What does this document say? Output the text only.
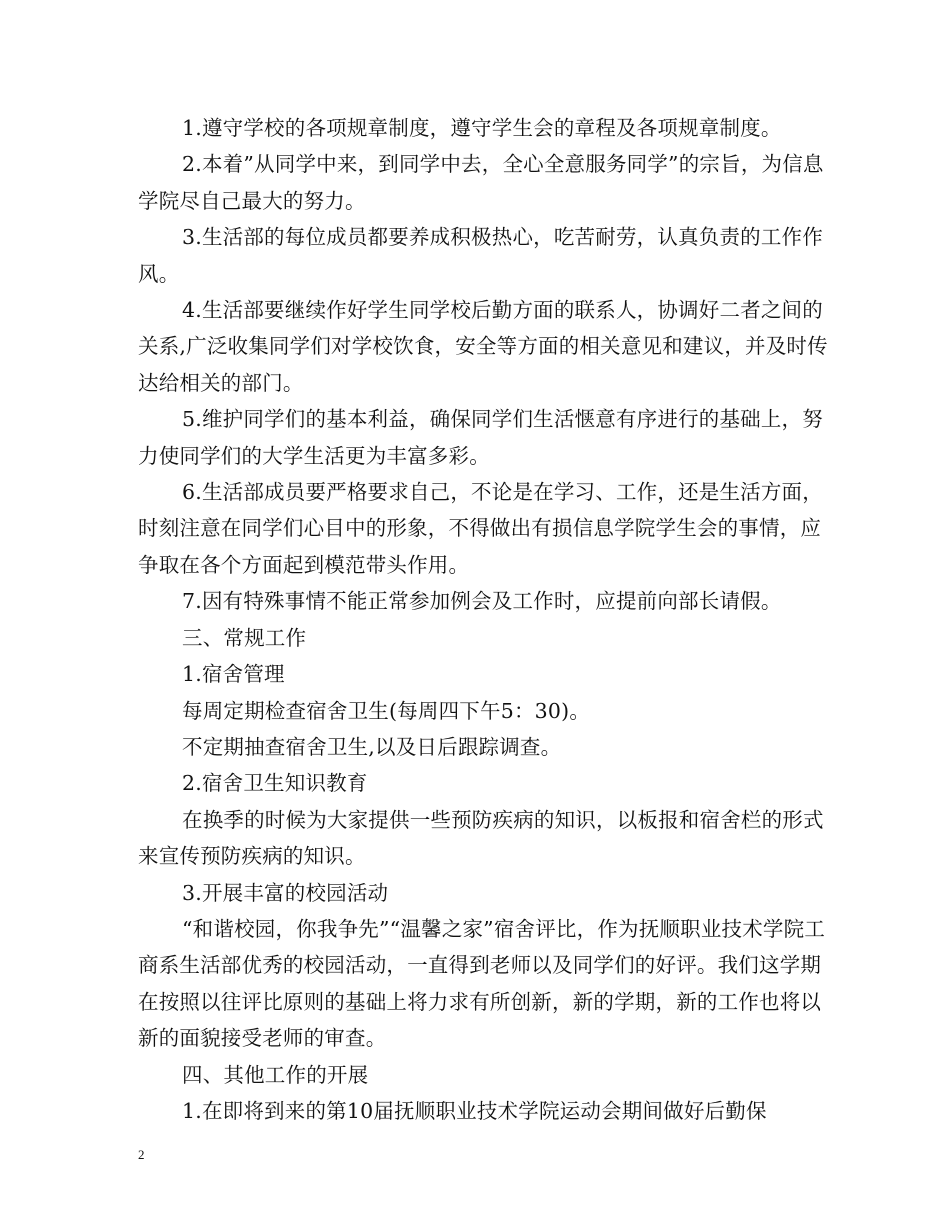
1.遵守学校的各项规章制度，遵守学生会的章程及各项规章制度。

2.本着”从同学中来，到同学中去，全心全意服务同学”的宗旨，为信息学院尽自己最大的努力。

3.生活部的每位成员都要养成积极热心，吃苦耐劳，认真负责的工作作风。

4.生活部要继续作好学生同学校后勤方面的联系人，协调好二者之间的关系,广泛收集同学们对学校饮食，安全等方面的相关意见和建议，并及时传达给相关的部门。

5.维护同学们的基本利益，确保同学们生活惬意有序进行的基础上，努力使同学们的大学生活更为丰富多彩。

6.生活部成员要严格要求自己，不论是在学习、工作，还是生活方面，时刻注意在同学们心目中的形象，不得做出有损信息学院学生会的事情，应争取在各个方面起到模范带头作用。

7.因有特殊事情不能正常参加例会及工作时，应提前向部长请假。

三、常规工作

1.宿舍管理

每周定期检查宿舍卫生(每周四下午5：30)。

不定期抽查宿舍卫生,以及日后跟踪调查。

2.宿舍卫生知识教育

在换季的时候为大家提供一些预防疾病的知识，以板报和宿舍栏的形式来宣传预防疾病的知识。

3.开展丰富的校园活动

“和谐校园，你我争先”“温馨之家”宿舍评比，作为抚顺职业技术学院工商系生活部优秀的校园活动，一直得到老师以及同学们的好评。我们这学期在按照以往评比原则的基础上将力求有所创新，新的学期，新的工作也将以新的面貌接受老师的审查。

四、其他工作的开展

1.在即将到来的第10届抚顺职业技术学院运动会期间做好后勤保

2
